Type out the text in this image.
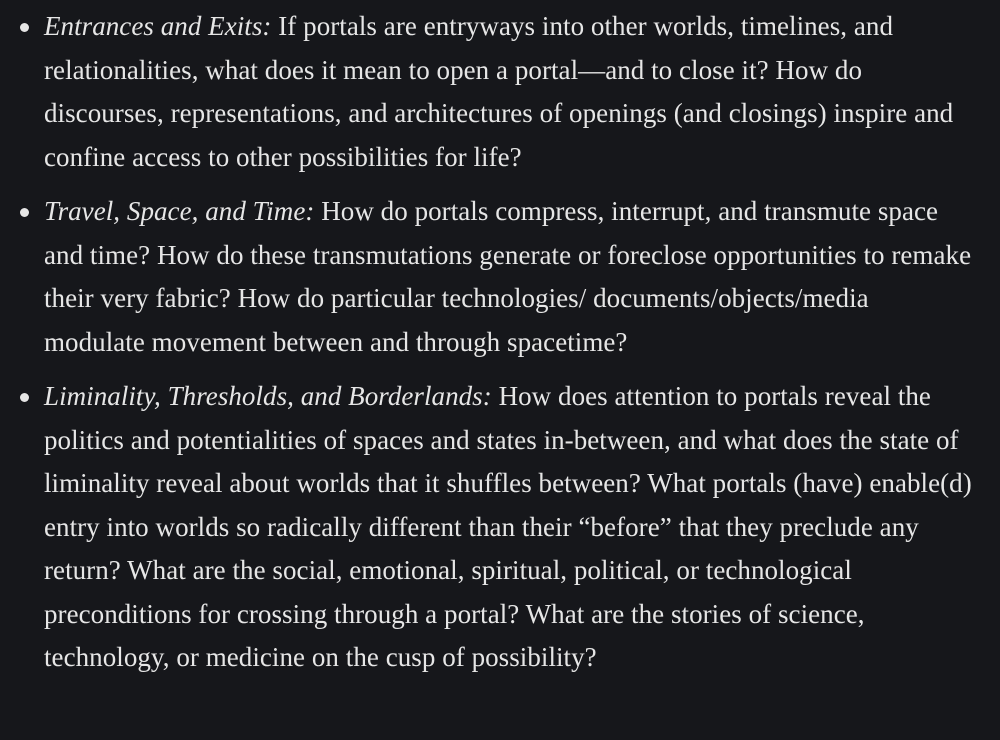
Entrances and Exits: If portals are entryways into other worlds, timelines, and relationalities, what does it mean to open a portal—and to close it? How do discourses, representations, and architectures of openings (and closings) inspire and confine access to other possibilities for life?
Travel, Space, and Time: How do portals compress, interrupt, and transmute space and time? How do these transmutations generate or foreclose opportunities to remake their very fabric? How do particular technologies/ documents/objects/media modulate movement between and through spacetime?
Liminality, Thresholds, and Borderlands: How does attention to portals reveal the politics and potentialities of spaces and states in-between, and what does the state of liminality reveal about worlds that it shuffles between? What portals (have) enable(d) entry into worlds so radically different than their “before” that they preclude any return? What are the social, emotional, spiritual, political, or technological preconditions for crossing through a portal? What are the stories of science, technology, or medicine on the cusp of possibility?
